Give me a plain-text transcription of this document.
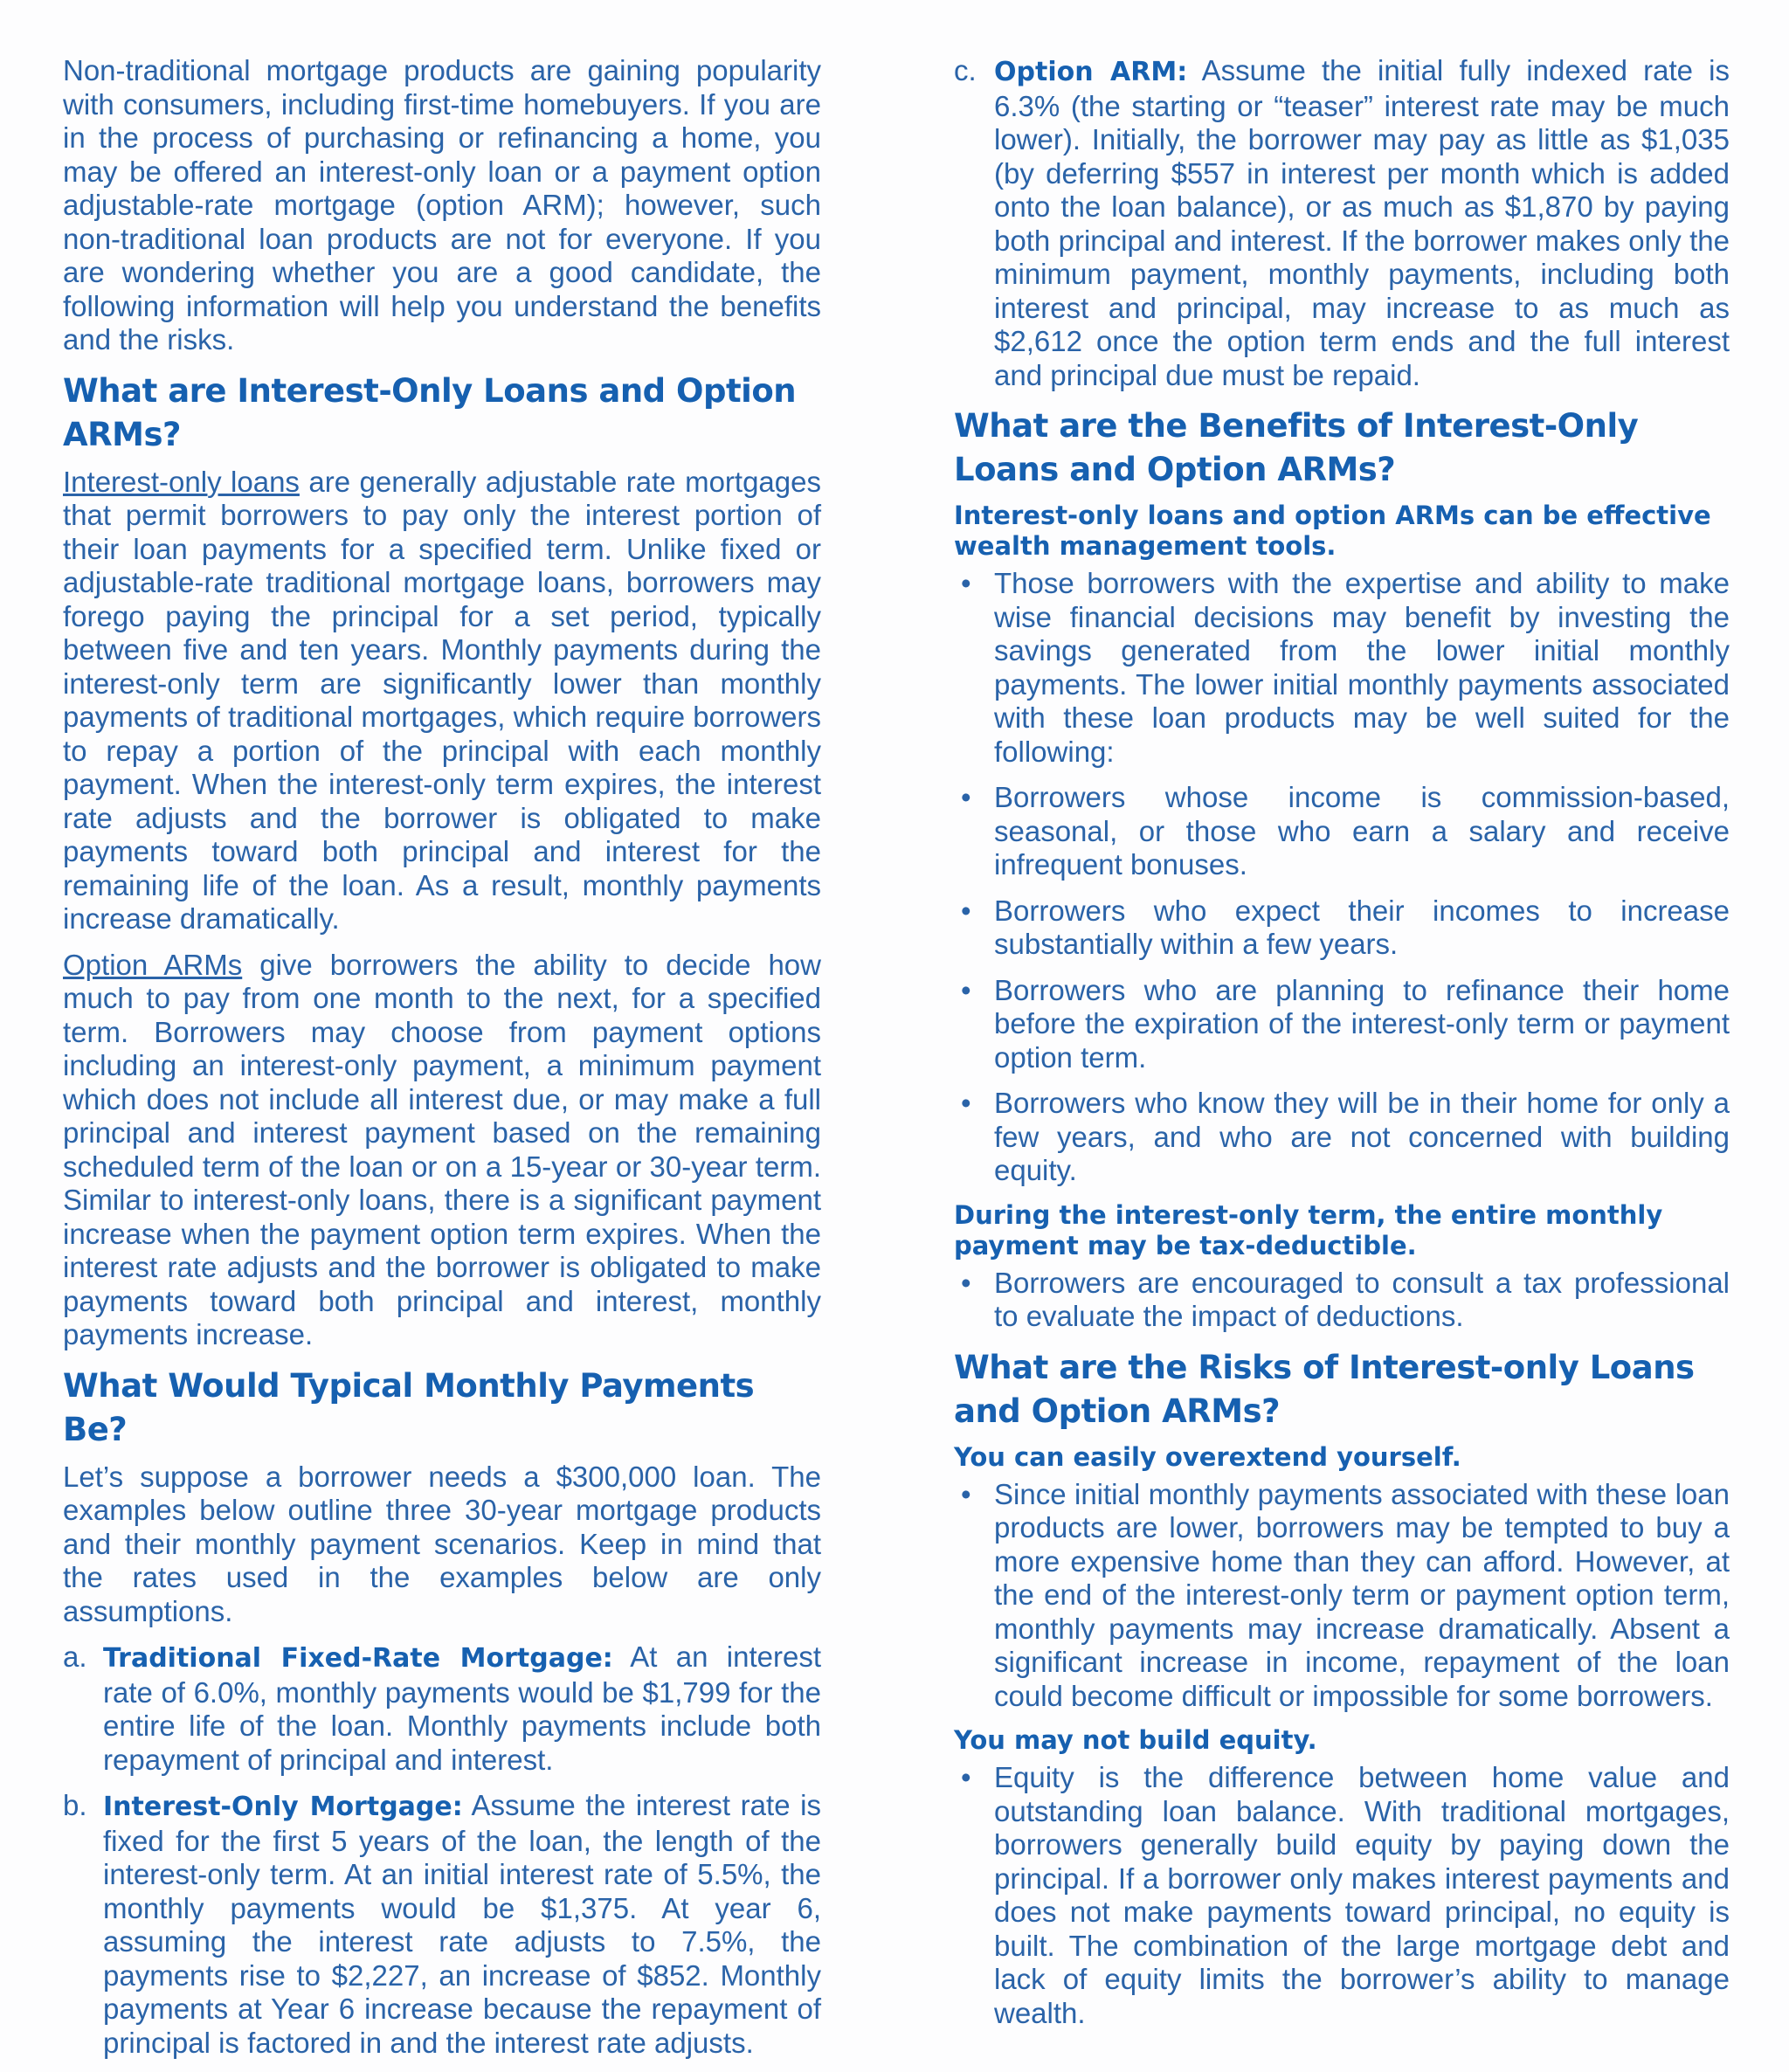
Non-traditional mortgage products are gaining popularity with consumers, including first-time homebuyers. If you are in the process of purchasing or refinancing a home, you may be offered an interest-only loan or a payment option adjustable-rate mortgage (option ARM); however, such non-traditional loan products are not for everyone. If you are wondering whether you are a good candidate, the following information will help you understand the benefits and the risks.

What are Interest-Only Loans and Option ARMs?

Interest-only loans are generally adjustable rate mortgages that permit borrowers to pay only the interest portion of their loan payments for a specified term. Unlike fixed or adjustable-rate traditional mortgage loans, borrowers may forego paying the principal for a set period, typically between five and ten years. Monthly payments during the interest-only term are significantly lower than monthly payments of traditional mortgages, which require borrowers to repay a portion of the principal with each monthly payment. When the interest-only term expires, the interest rate adjusts and the borrower is obligated to make payments toward both principal and interest for the remaining life of the loan. As a result, monthly payments increase dramatically.

Option ARMs give borrowers the ability to decide how much to pay from one month to the next, for a specified term. Borrowers may choose from payment options including an interest-only payment, a minimum payment which does not include all interest due, or may make a full principal and interest payment based on the remaining scheduled term of the loan or on a 15-year or 30-year term. Similar to interest-only loans, there is a significant payment increase when the payment option term expires. When the interest rate adjusts and the borrower is obligated to make payments toward both principal and interest, monthly payments increase.

What Would Typical Monthly Payments Be?

Let’s suppose a borrower needs a $300,000 loan. The examples below outline three 30-year mortgage products and their monthly payment scenarios. Keep in mind that the rates used in the examples below are only assumptions.

a. Traditional Fixed-Rate Mortgage: At an interest rate of 6.0%, monthly payments would be $1,799 for the entire life of the loan. Monthly payments include both repayment of principal and interest.
b. Interest-Only Mortgage: Assume the interest rate is fixed for the first 5 years of the loan, the length of the interest-only term. At an initial interest rate of 5.5%, the monthly payments would be $1,375. At year 6, assuming the interest rate adjusts to 7.5%, the payments rise to $2,227, an increase of $852. Monthly payments at Year 6 increase because the repayment of principal is factored in and the interest rate adjusts.
c. Option ARM: Assume the initial fully indexed rate is 6.3% (the starting or “teaser” interest rate may be much lower). Initially, the borrower may pay as little as $1,035 (by deferring $557 in interest per month which is added onto the loan balance), or as much as $1,870 by paying both principal and interest. If the borrower makes only the minimum payment, monthly payments, including both interest and principal, may increase to as much as $2,612 once the option term ends and the full interest and principal due must be repaid.
What are the Benefits of Interest-Only Loans and Option ARMs?
Interest-only loans and option ARMs can be effective wealth management tools.
• Those borrowers with the expertise and ability to make wise financial decisions may benefit by investing the savings generated from the lower initial monthly payments. The lower initial monthly payments associated with these loan products may be well suited for the following:
• Borrowers whose income is commission-based, seasonal, or those who earn a salary and receive infrequent bonuses.
• Borrowers who expect their incomes to increase substantially within a few years.
• Borrowers who are planning to refinance their home before the expiration of the interest-only term or payment option term.
• Borrowers who know they will be in their home for only a few years, and who are not concerned with building equity.
During the interest-only term, the entire monthly payment may be tax-deductible.
• Borrowers are encouraged to consult a tax professional to evaluate the impact of deductions.
What are the Risks of Interest-only Loans and Option ARMs?
You can easily overextend yourself.
• Since initial monthly payments associated with these loan products are lower, borrowers may be tempted to buy a more expensive home than they can afford. However, at the end of the interest-only term or payment option term, monthly payments may increase dramatically. Absent a significant increase in income, repayment of the loan could become difficult or impossible for some borrowers.
You may not build equity.
• Equity is the difference between home value and outstanding loan balance. With traditional mortgages, borrowers generally build equity by paying down the principal. If a borrower only makes interest payments and does not make payments toward principal, no equity is built. The combination of the large mortgage debt and lack of equity limits the borrower’s ability to manage wealth.
